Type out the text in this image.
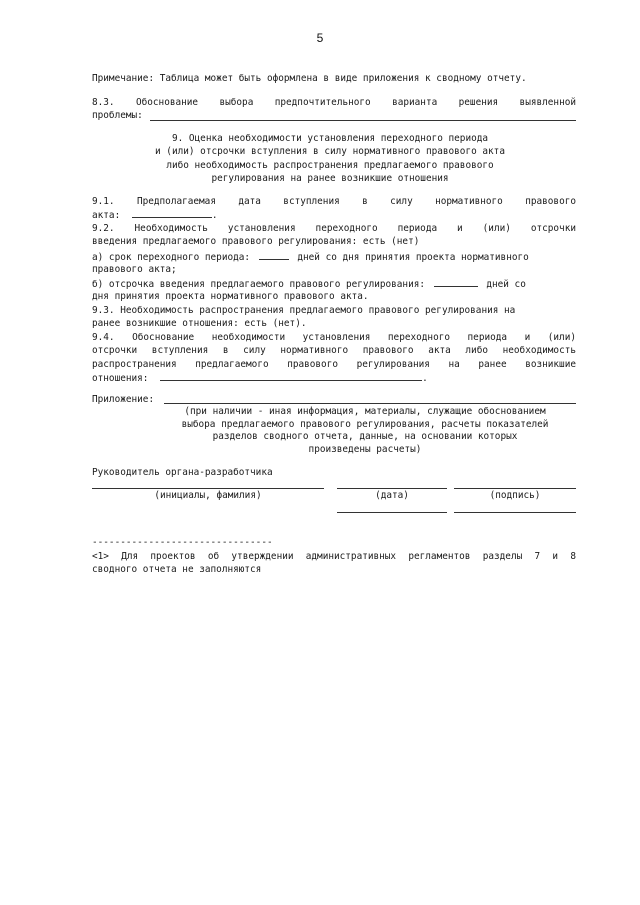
5
Примечание: Таблица может быть оформлена в виде приложения к сводному отчету.
8.3. Обоснование выбора предпочтительного варианта решения выявленной
проблемы:
9. Оценка необходимости установления переходного периода
и (или) отсрочки вступления в силу нормативного правового акта
либо необходимость распространения предлагаемого правового
регулирования на ранее возникшие отношения
9.1. Предполагаемая дата вступления в силу нормативного правового
акта:	.
9.2. Необходимость установления переходного периода и (или) отсрочки
введения предлагаемого правового регулирования: есть (нет)
а) срок переходного периода:	дней со дня принятия проекта нормативного
правового акта;
б) отсрочка введения предлагаемого правового регулирования:	дней со
дня принятия проекта нормативного правового акта.
9.3. Необходимость распространения предлагаемого правового регулирования на
ранее возникшие отношения: есть (нет).
9.4. Обоснование необходимости установления переходного периода и (или)
отсрочки вступления в силу нормативного правового акта либо необходимость
распространения предлагаемого правового регулирования на ранее возникшие
отношения:	.
Приложение:
(при наличии - иная информация, материалы, служащие обоснованием
выбора предлагаемого правового регулирования, расчеты показателей
разделов сводного отчета, данные, на основании которых
произведены расчеты)
Руководитель органа-разработчика
(инициалы, фамилия)	(дата)	(подпись)
--------------------------------
<1> Для проектов об утверждении административных регламентов разделы 7 и 8
сводного отчета не заполняются
